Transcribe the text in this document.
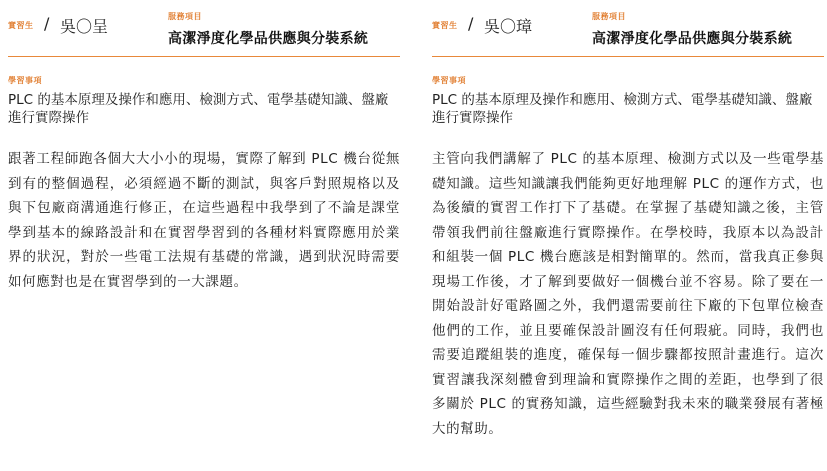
實習生 / 吳〇呈
服務項目
高潔淨度化學品供應與分裝系統
學習事項
PLC 的基本原理及操作和應用、檢測方式、電學基礎知識、盤廠進行實際操作
跟著工程師跑各個大大小小的現場，實際了解到 PLC 機台從無到有的整個過程，必須經過不斷的測試，與客戶對照規格以及與下包廠商溝通進行修正，在這些過程中我學到了不論是課堂學到基本的線路設計和在實習學習到的各種材料實際應用於業界的狀況，對於一些電工法規有基礎的常識，遇到狀況時需要如何應對也是在實習學到的一大課題。
實習生 / 吳〇璋
服務項目
高潔淨度化學品供應與分裝系統
學習事項
PLC 的基本原理及操作和應用、檢測方式、電學基礎知識、盤廠進行實際操作
主管向我們講解了 PLC 的基本原理、檢測方式以及一些電學基礎知識。這些知識讓我們能夠更好地理解 PLC 的運作方式，也為後續的實習工作打下了基礎。在掌握了基礎知識之後，主管帶領我們前往盤廠進行實際操作。在學校時，我原本以為設計和組裝一個 PLC 機台應該是相對簡單的。然而，當我真正參與現場工作後，才了解到要做好一個機台並不容易。除了要在一開始設計好電路圖之外，我們還需要前往下廠的下包單位檢查他們的工作，並且要確保設計圖沒有任何瑕疵。同時，我們也需要追蹤組裝的進度，確保每一個步驟都按照計畫進行。這次實習讓我深刻體會到理論和實際操作之間的差距，也學到了很多關於 PLC 的實務知識，這些經驗對我未來的職業發展有著極大的幫助。
